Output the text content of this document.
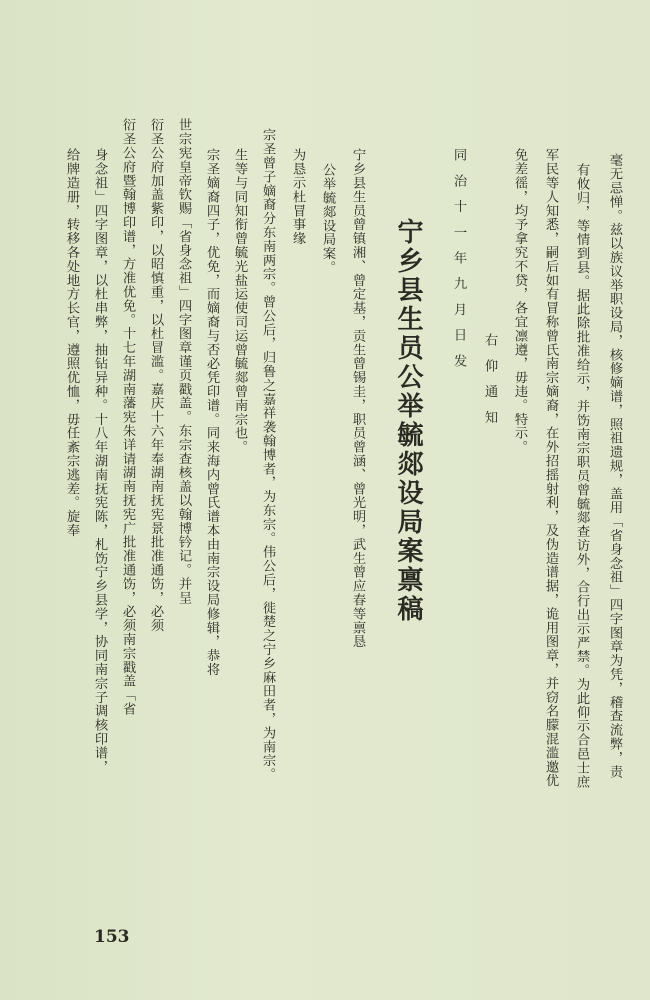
毫无忌惮。兹以族议举职设局，核修嫡谱，照祖遗规，盖用「省身念祖」四字图章为凭，稽查流弊，责
有攸归，等情到县。据此除批准给示，并饬南宗职员曾毓郯查访外，合行出示严禁。为此仰示合邑士庶
军民等人知悉，嗣后如有冒称曾氏南宗嫡裔，在外招摇射利，及伪造谱据，诡用图章，并窃名朦混滥邀优
免差徭，均予拿究不贷，各宜凛遵，毋违。特示。
右仰通知
同治十一年九月日发
宁乡县生员公举毓郯设局案禀稿
宁乡县生员曾镇湘、曾定基，贡生曾锡圭，职员曾涵、曾光明，武生曾应春等禀恳
公举毓郯设局案。
为恳示杜冒事缘
宗圣曾子嫡裔分东南两宗。曾公后，归鲁之嘉祥袭翰博者，为东宗。伟公后，徙楚之宁乡麻田者，为南宗。
生等与同知衔曾毓光盐运使司运曾毓郯曾南宗也。
宗圣嫡裔四子，优免，而嫡裔与否必凭印谱。同来海内曾氏谱本由南宗设局修辑，恭将
世宗宪皇帝钦赐「省身念祖」四字图章谨页戳盖。东宗查核盖以翰博钤记。并呈
衍圣公府加盖紫印，以昭慎重，以杜冒滥。嘉庆十六年奉湖南抚宪景批准通饬，必须
衍圣公府暨翰博印谱，方准优免。十七年湖南藩宪朱详请湖南抚宪广批准通饬，必须南宗戳盖「省
身念祖」四字图章，以杜串弊，抽钻异种。十八年湖南抚宪陈，札饬宁乡县学，协同南宗子调核印谱，
给牌造册，转移各处地方长官，遵照优恤，毋任紊宗逃差。旋奉
153
